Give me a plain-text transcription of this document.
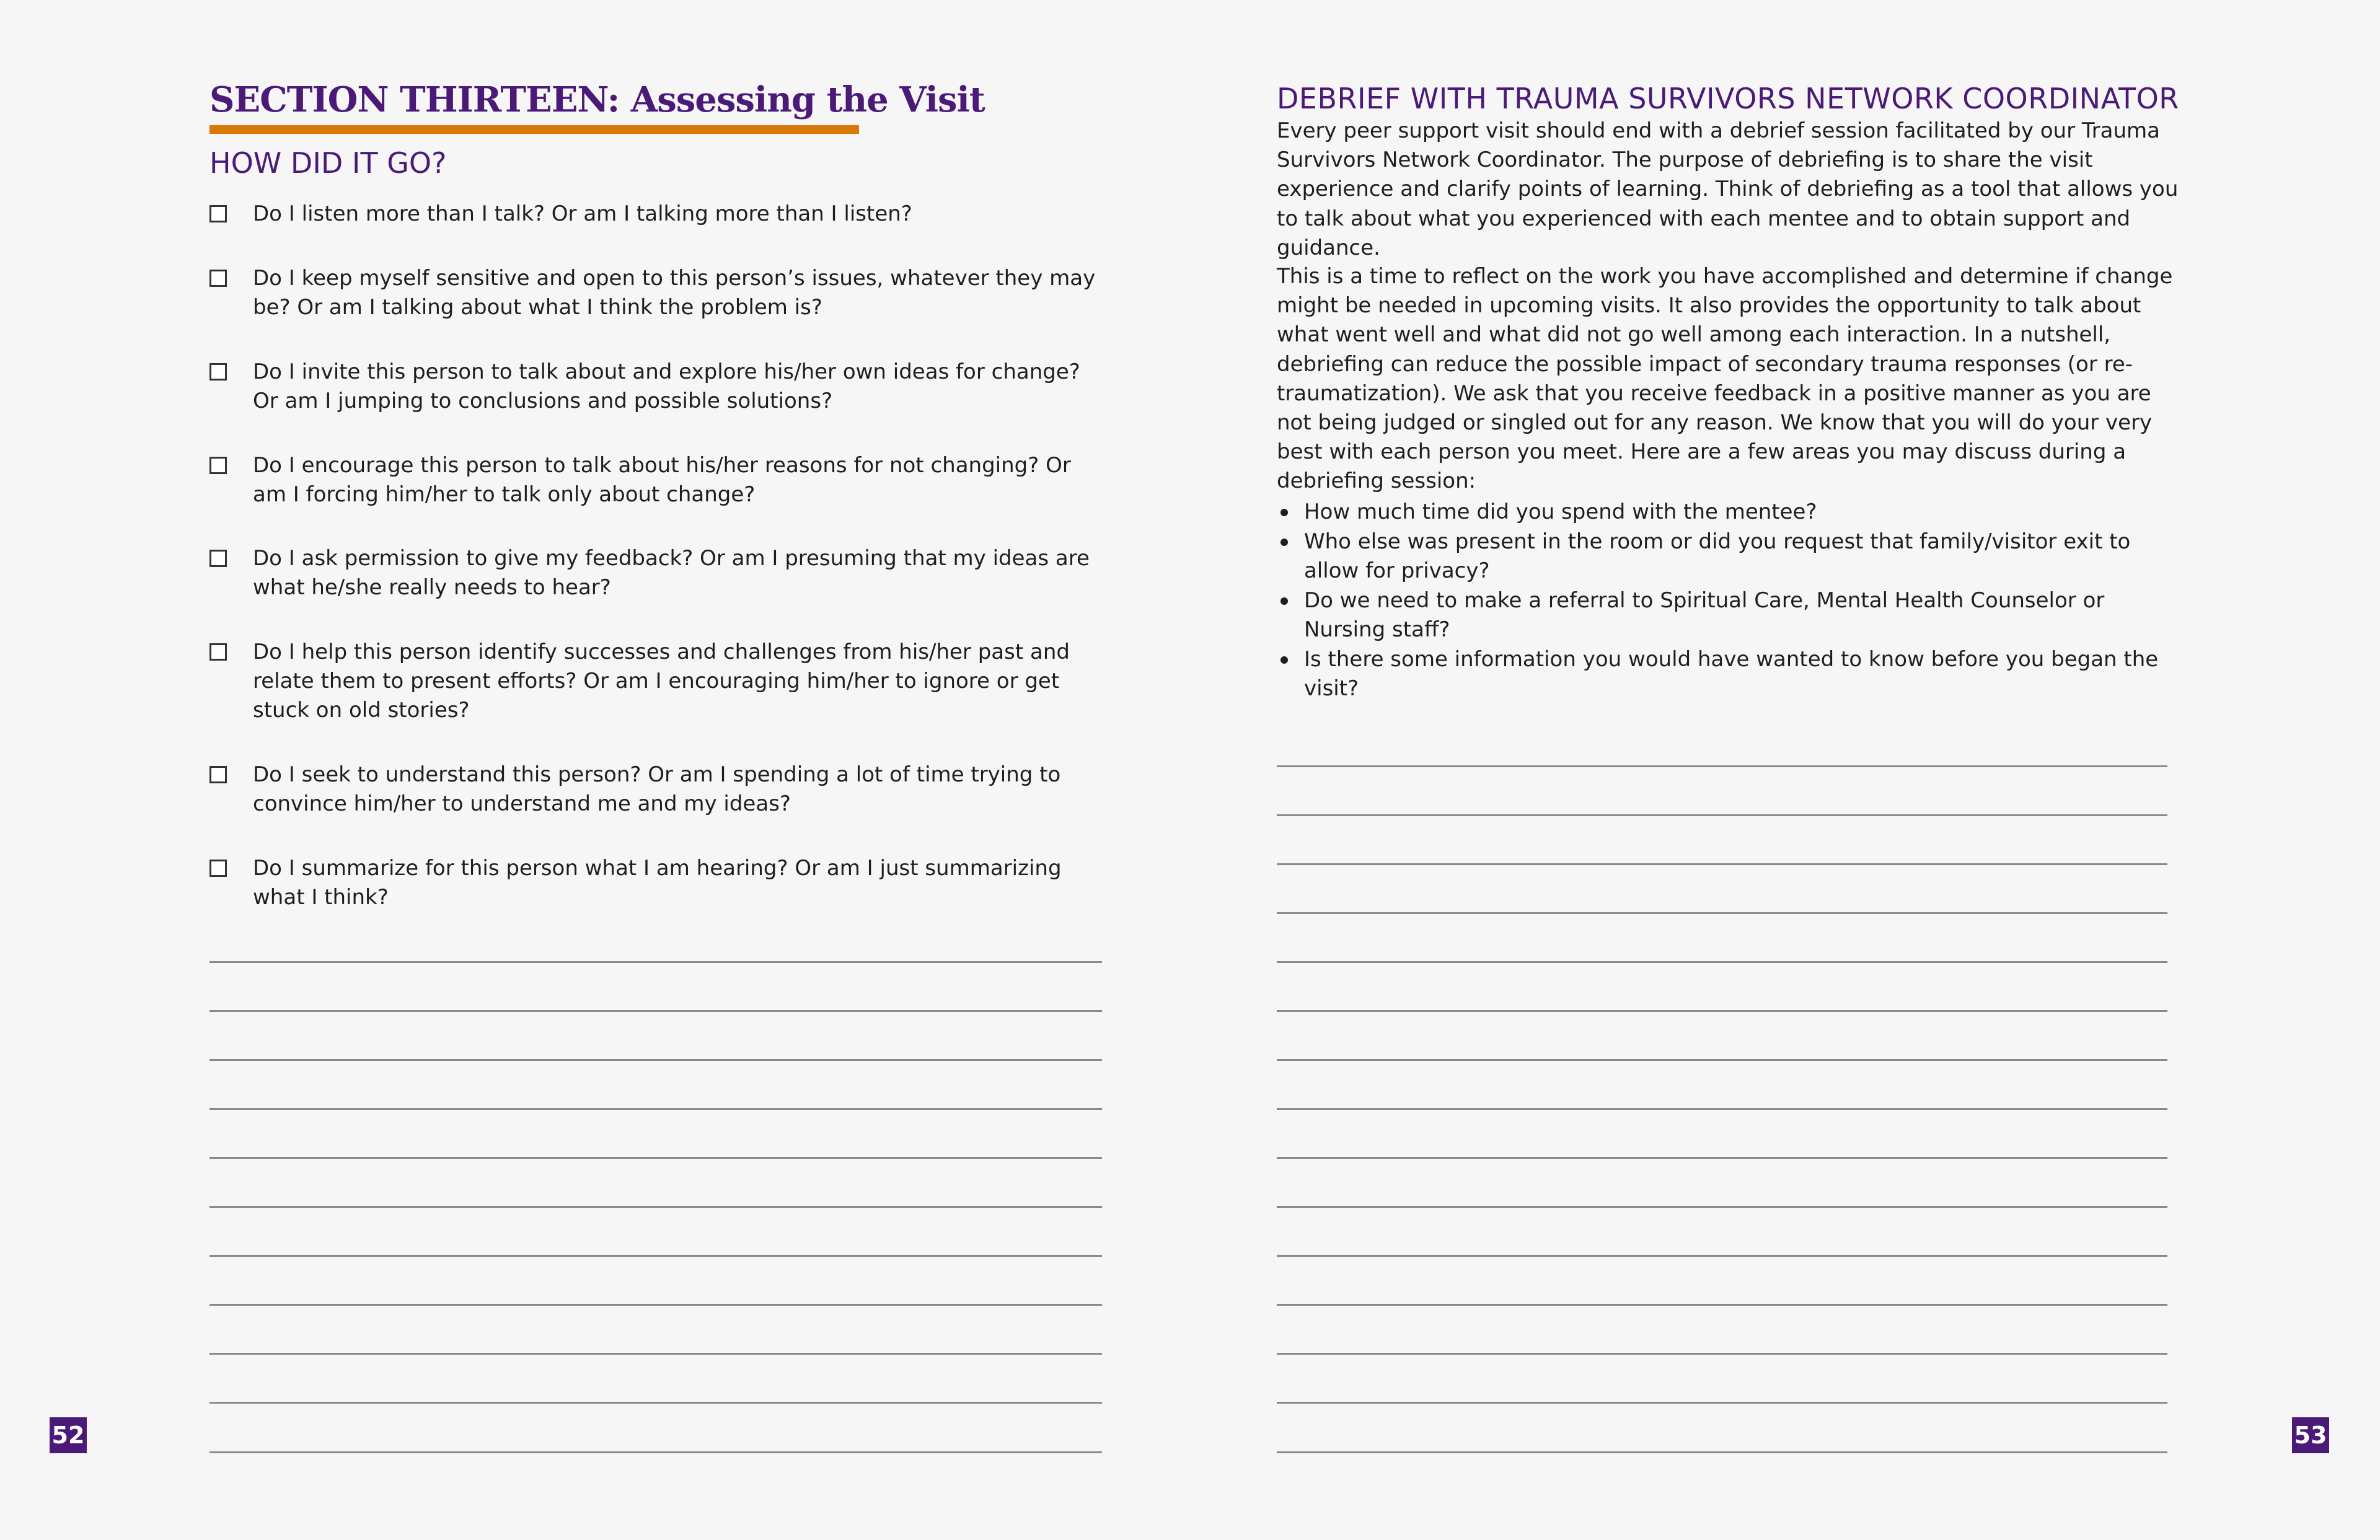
SECTION THIRTEEN: Assessing the Visit
HOW DID IT GO?
Do I listen more than I talk? Or am I talking more than I listen?
Do I keep myself sensitive and open to this person’s issues, whatever they may be? Or am I talking about what I think the problem is?
Do I invite this person to talk about and explore his/her own ideas for change? Or am I jumping to conclusions and possible solutions?
Do I encourage this person to talk about his/her reasons for not changing? Or am I forcing him/her to talk only about change?
Do I ask permission to give my feedback? Or am I presuming that my ideas are what he/she really needs to hear?
Do I help this person identify successes and challenges from his/her past and relate them to present efforts? Or am I encouraging him/her to ignore or get stuck on old stories?
Do I seek to understand this person? Or am I spending a lot of time trying to convince him/her to understand me and my ideas?
Do I summarize for this person what I am hearing? Or am I just summarizing what I think?
52
DEBRIEF WITH TRAUMA SURVIVORS NETWORK COORDINATOR

Every peer support visit should end with a debrief session facilitated by our Trauma Survivors Network Coordinator. The purpose of debriefing is to share the visit experience and clarify points of learning. Think of debriefing as a tool that allows you to talk about what you experienced with each mentee and to obtain support and guidance.

This is a time to reflect on the work you have accomplished and determine if change might be needed in upcoming visits. It also provides the opportunity to talk about what went well and what did not go well among each interaction. In a nutshell, debriefing can reduce the possible impact of secondary trauma responses (or re-traumatization). We ask that you receive feedback in a positive manner as you are not being judged or singled out for any reason. We know that you will do your very best with each person you meet. Here are a few areas you may discuss during a debriefing session:

How much time did you spend with the mentee?
Who else was present in the room or did you request that family/visitor exit to allow for privacy?
Do we need to make a referral to Spiritual Care, Mental Health Counselor or Nursing staff?
Is there some information you would have wanted to know before you began the visit?
53
